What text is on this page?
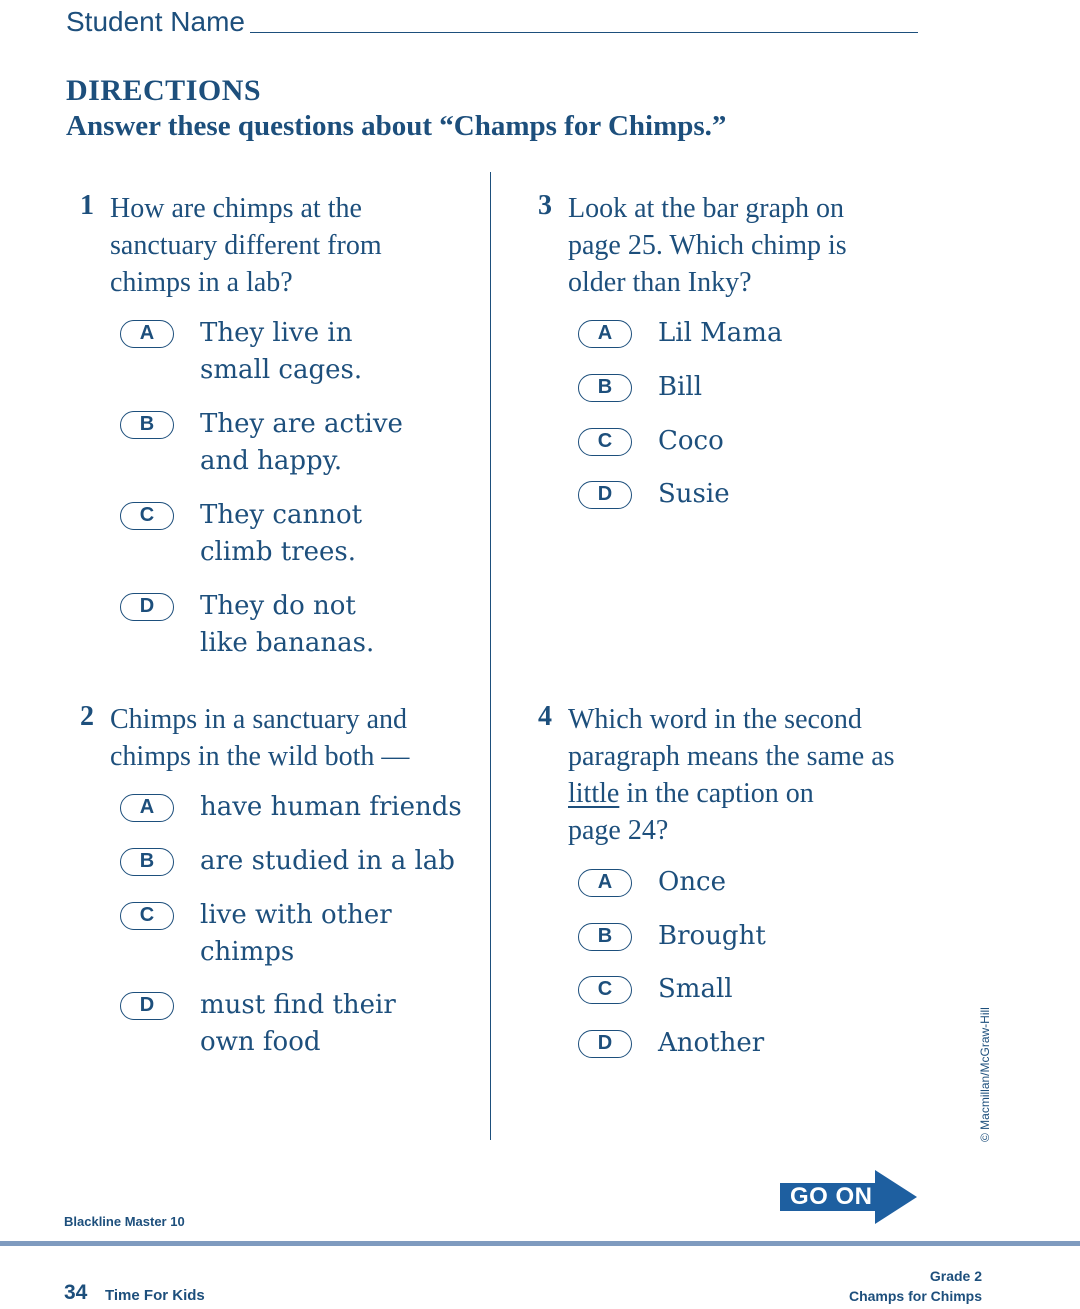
Student Name
DIRECTIONS
Answer these questions about “Champs for Chimps.”
1 How are chimps at the
sanctuary different from
chimps in a lab?
A	They live in
small cages.
B	They are active
and happy.
C	They cannot
climb trees.
D	They do not
like bananas.
2 Chimps in a sanctuary and
chimps in the wild both —
A	have human friends
B	are studied in a lab
C	live with other
chimps
D	must find their
own food
3 Look at the bar graph on
page 25. Which chimp is
older than Inky?
A	Lil Mama
B	Bill
C	Coco
D	Susie
4 Which word in the second
paragraph means the same as
little in the caption on
page 24?
A	Once
B	Brought
C	Small
D	Another	© Macmillan/McGraw-Hill
GO ON
Blackline Master 10
34 Time For Kids
Grade 2
Champs for Chimps
